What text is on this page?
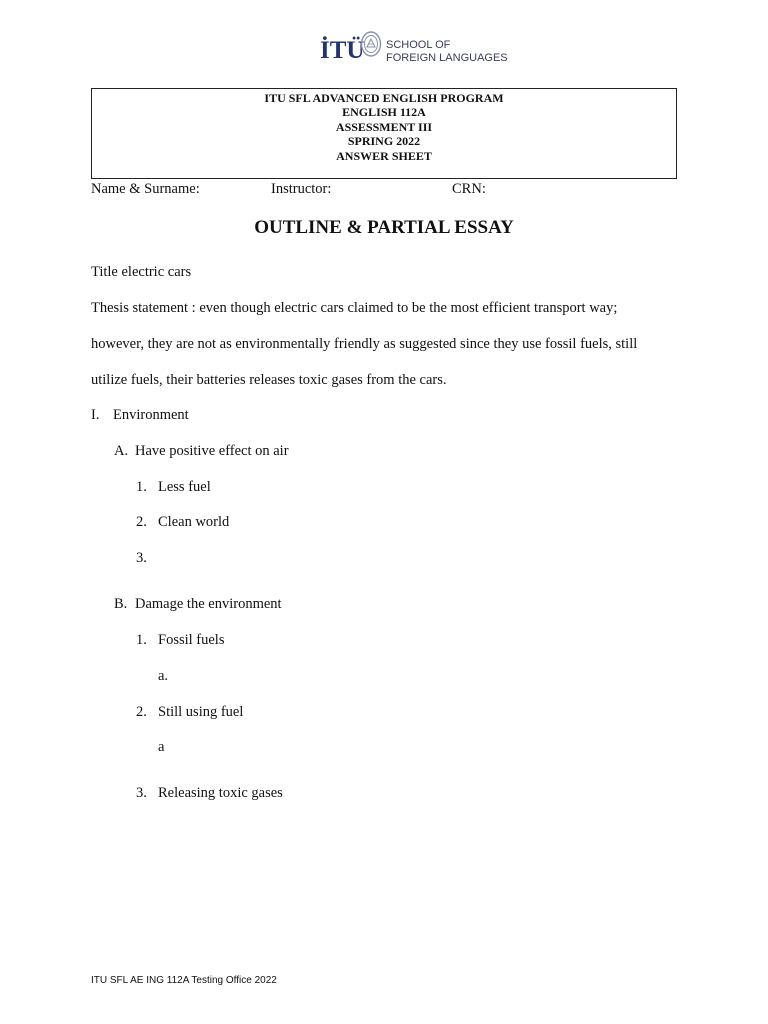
İTÜ SCHOOL OF
FOREIGN LANGUAGES
ITU SFL ADVANCED ENGLISH PROGRAM
ENGLISH 112A
ASSESSMENT III
SPRING 2022
ANSWER SHEET
Name & Surname:	Instructor:	CRN:
OUTLINE & PARTIAL ESSAY
Title electric cars
Thesis statement : even though electric cars claimed to be the most efficient transport way;
however, they are not as environmentally friendly as suggested since they use fossil fuels, still
utilize fuels, their batteries releases toxic gases from the cars.
I. Environment
A. Have positive effect on air
1. Less fuel
2. Clean world
3.
B. Damage the environment
1. Fossil fuels
a.
2. Still using fuel
a
3. Releasing toxic gases
ITU SFL AE ING 112A Testing Office 2022
